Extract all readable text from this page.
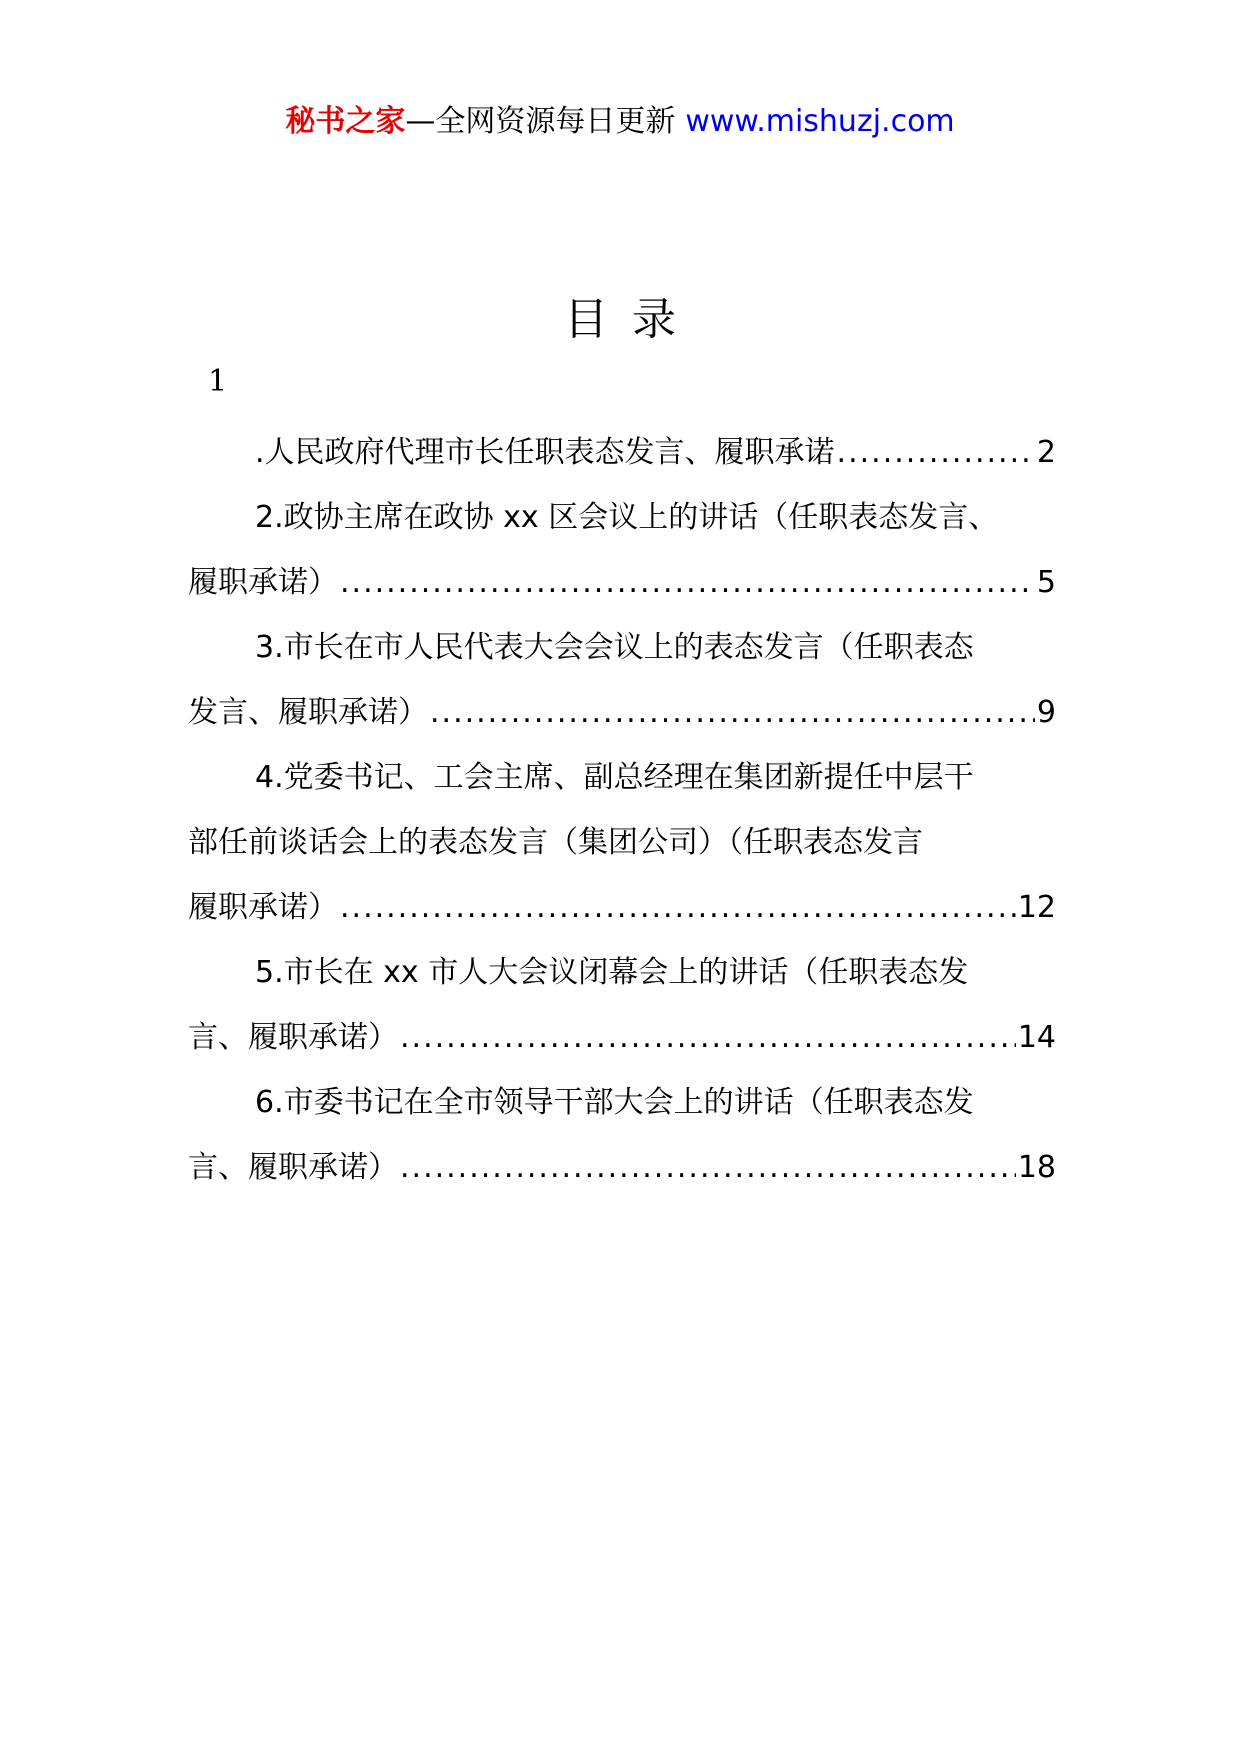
秘书之家—全网资源每日更新 www.mishuzj.com
目录
1
.人民政府代理市长任职表态发言、履职承诺 .....	2
2.政协主席在政协 xx 区会议上的讲话（任职表态发言、
履职承诺） .....	5
3.市长在市人民代表大会会议上的表态发言（任职表态
发言、履职承诺） .....	9
4.党委书记、工会主席、副总经理在集团新提任中层干
部任前谈话会上的表态发言（集团公司）（任职表态发言
履职承诺） .....	12
5.市长在 xx 市人大会议闭幕会上的讲话（任职表态发
言、履职承诺） .....	14
6.市委书记在全市领导干部大会上的讲话（任职表态发
言、履职承诺） .....	18
